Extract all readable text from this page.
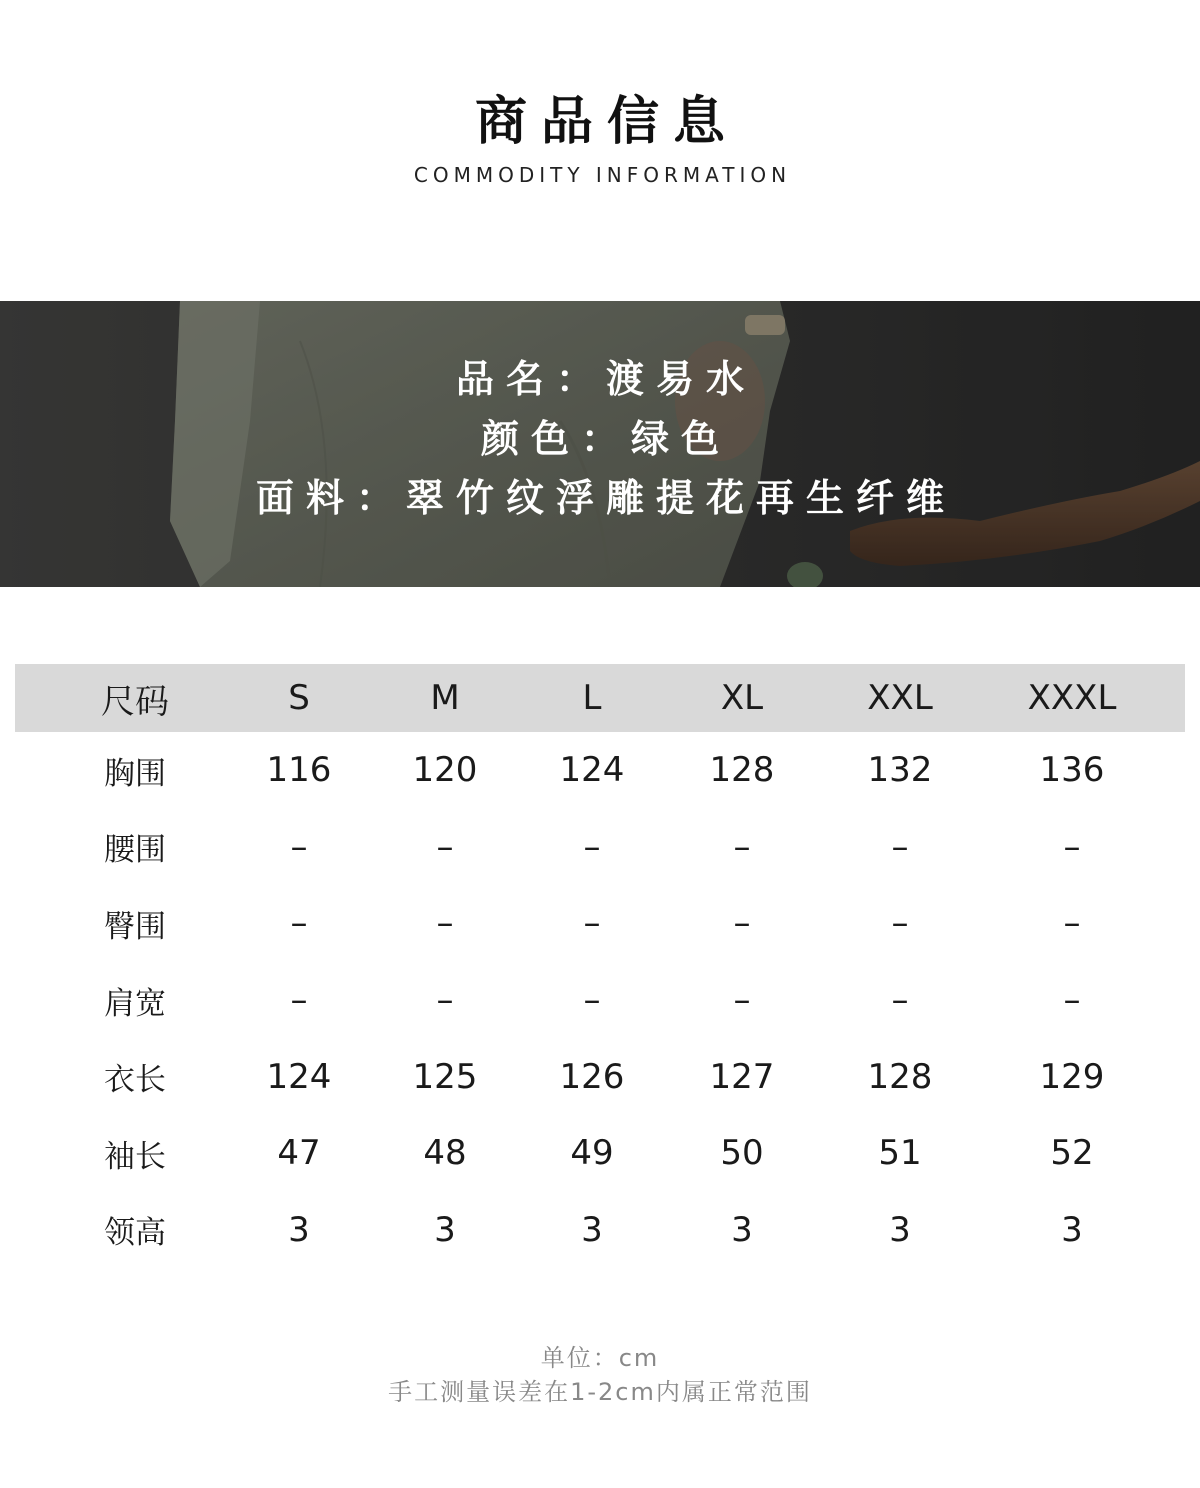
商品信息
COMMODITY INFORMATION
品名：渡易水
颜色：绿色
面料：翠竹纹浮雕提花再生纤维
尺码	S	M	L	XL	XXL	XXXL
胸围	116	120	124	128	132	136
腰围	–	–	–	–	–	–
臀围	–	–	–	–	–	–
肩宽	–	–	–	–	–	–
衣长	124	125	126	127	128	129
袖长	47	48	49	50	51	52
领高	3	3	3	3	3	3
单位：cm
手工测量误差在1-2cm内属正常范围
